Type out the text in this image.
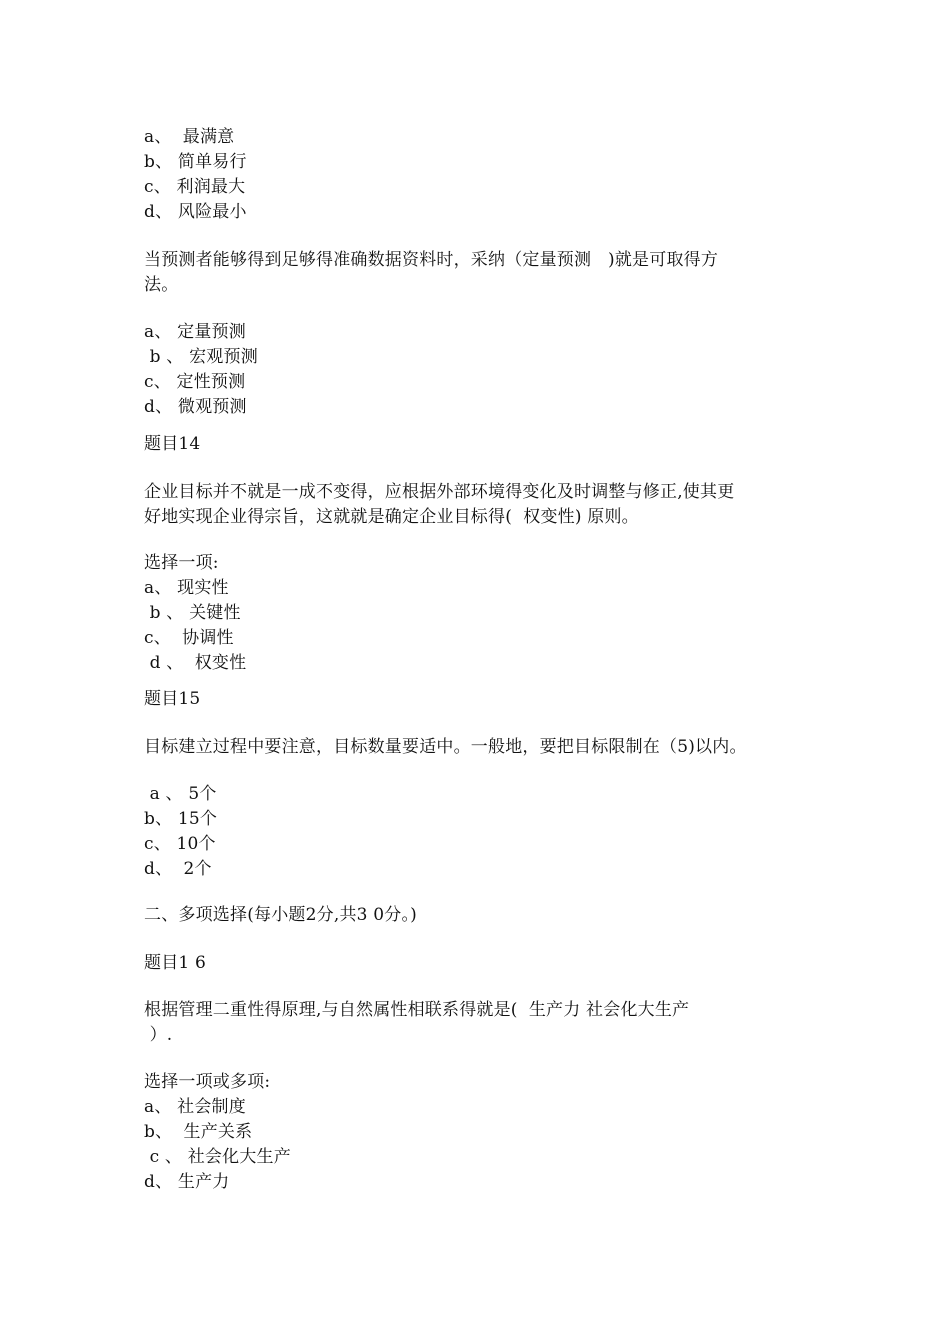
a、  最满意
b、 简单易行
c、 利润最大
d、 风险最小
当预测者能够得到足够得准确数据资料时，采纳（定量预测   )就是可取得方
法。
a、 定量预测
b 、 宏观预测
c、 定性预测
d、 微观预测
题目14
企业目标并不就是一成不变得，应根据外部环境得变化及时调整与修正,使其更
好地实现企业得宗旨，这就就是确定企业目标得(  权变性) 原则。
选择一项:
a、 现实性
b 、 关键性
c、  协调性
d 、  权变性
题目15
目标建立过程中要注意，目标数量要适中。一般地，要把目标限制在（5)以内。
a 、 5个
b、 15个
c、 10个
d、  2个
二、多项选择(每小题2分,共3 0分。)
题目1 6
根据管理二重性得原理,与自然属性相联系得就是(  生产力 社会化大生产
）.
选择一项或多项:
a、 社会制度
b、  生产关系
c 、 社会化大生产
d、 生产力
